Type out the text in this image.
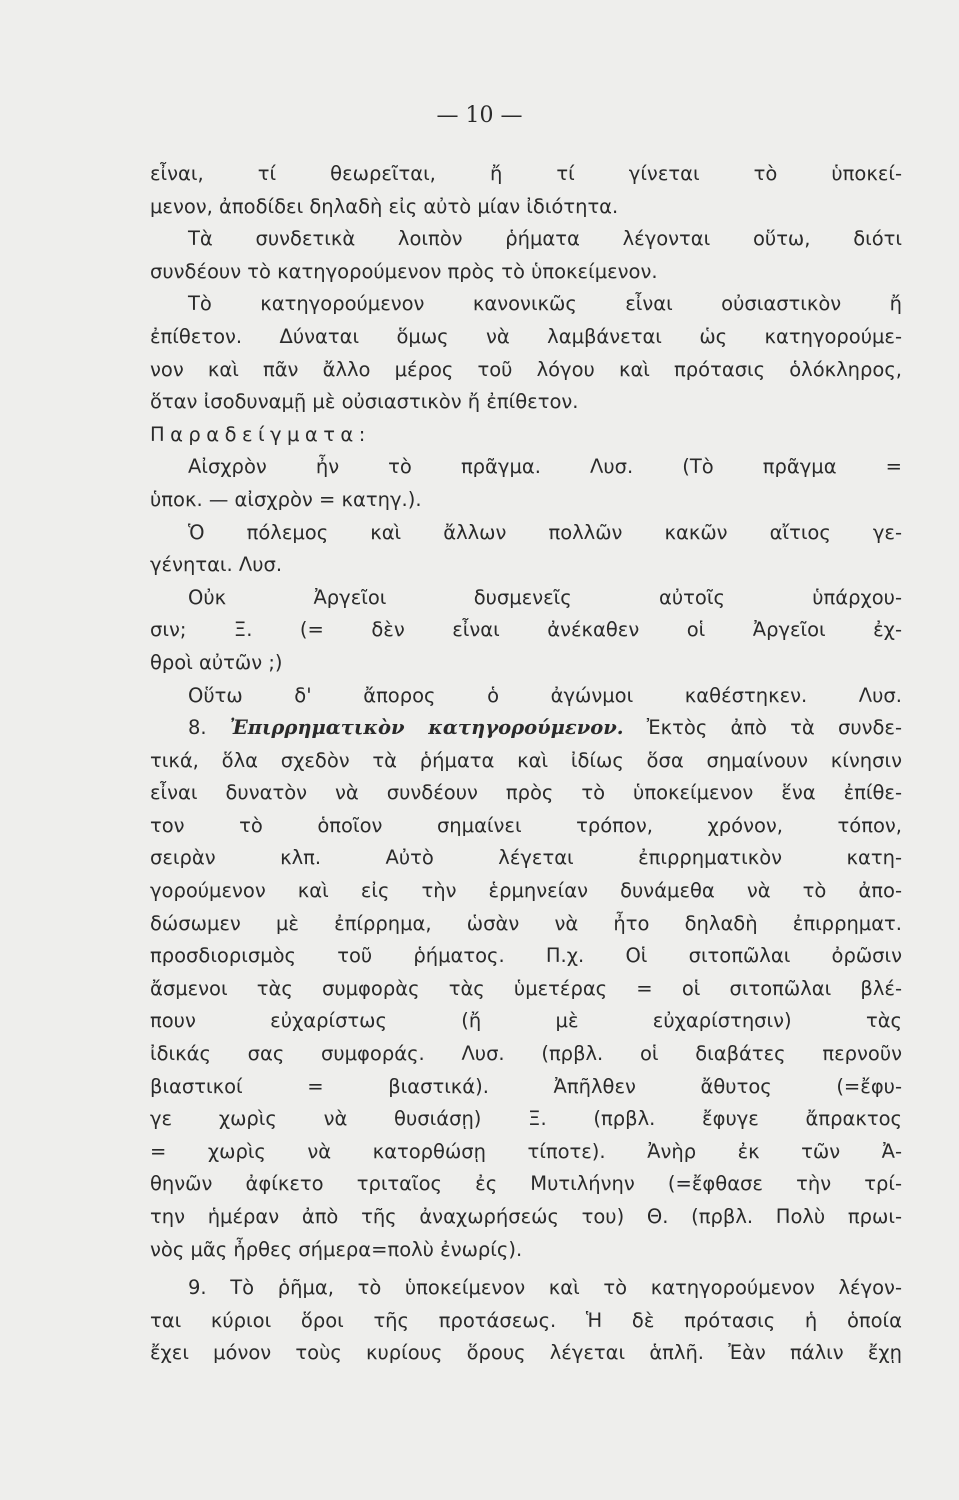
— 10 —
εἶναι, τί θεωρεῖται, ἤ τί γίνεται τὸ ὑποκεί-
μενον, ἀποδίδει δηλαδὴ εἰς αὐτὸ μίαν ἰδιότητα.
Τὰ συνδετικὰ λοιπὸν ῥήματα λέγονται οὕτω, διότι
συνδέουν τὸ κατηγορούμενον πρὸς τὸ ὑποκείμενον.
Τὸ κατηγορούμενον κανονικῶς εἶναι οὐσιαστικὸν ἤ
ἐπίθετον. Δύναται ὅμως νὰ λαμβάνεται ὡς κατηγορούμε-
νον καὶ πᾶν ἄλλο μέρος τοῦ λόγου καὶ πρότασις ὁλόκληρος,
ὅταν ἰσοδυναμῇ μὲ οὐσιαστικὸν ἤ ἐπίθετον.
Παραδείγματα:
Αἰσχρὸν ἦν τὸ πρᾶγμα. Λυσ. (Τὸ πρᾶγμα =
ὑποκ. — αἰσχρὸν = κατηγ.).
Ὁ πόλεμος καὶ ἄλλων πολλῶν κακῶν αἴτιος γε-
γένηται. Λυσ.
Οὐκ Ἀργεῖοι δυσμενεῖς αὐτοῖς ὑπάρχου-
σιν; Ξ. (= δὲν εἶναι ἀνέκαθεν οἱ Ἀργεῖοι ἐχ-
θροὶ αὐτῶν ;)
Οὕτω δ' ἄπορος ὁ ἀγώνμοι καθέστηκεν. Λυσ.
8. Ἐπιρρηματικὸν κατηγορούμενον. Ἐκτὸς ἀπὸ τὰ συνδε-
τικά, ὅλα σχεδὸν τὰ ῥήματα καὶ ἰδίως ὅσα σημαίνουν κίνησιν
εἶναι δυνατὸν νὰ συνδέουν πρὸς τὸ ὑποκείμενον ἕνα ἐπίθε-
τον τὸ ὁποῖον σημαίνει τρόπον, χρόνον, τόπον,
σειρὰν κλπ. Αὐτὸ λέγεται ἐπιρρηματικὸν κατη-
γορούμενον καὶ εἰς τὴν ἑρμηνείαν δυνάμεθα νὰ τὸ ἀπο-
δώσωμεν μὲ ἐπίρρημα, ὡσὰν νὰ ἦτο δηλαδὴ ἐπιρρηματ.
προσδιορισμὸς τοῦ ῥήματος. Π.χ. Οἱ σιτοπῶλαι ὀρῶσιν
ἄσμενοι τὰς συμφορὰς τὰς ὑμετέρας = οἱ σιτοπῶλαι βλέ-
πουν εὐχαρίστως (ἤ μὲ εὐχαρίστησιν) τὰς
ἰδικάς σας συμφοράς. Λυσ. (πρβλ. οἱ διαβάτες περνοῦν
βιαστικοί = βιαστικά). Ἀπῆλθεν ἄθυτος (=ἔφυ-
γε χωρὶς νὰ θυσιάσῃ) Ξ. (πρβλ. ἔφυγε ἄπρακτος
= χωρὶς νὰ κατορθώσῃ τίποτε). Ἀνὴρ ἐκ τῶν Ἀ-
θηνῶν ἀφίκετο τριταῖος ἐς Μυτιλήνην (=ἔφθασε τὴν τρί-
την ἡμέραν ἀπὸ τῆς ἀναχωρήσεώς του) Θ. (πρβλ. Πολὺ πρωι-
νὸς μᾶς ἦρθες σήμερα=πολὺ ἐνωρίς).
9. Τὸ ῥῆμα, τὸ ὑποκείμενον καὶ τὸ κατηγορούμενον λέγον-
ται κύριοι ὅροι τῆς προτάσεως. Ἡ δὲ πρότασις ἡ ὁποία
ἔχει μόνον τοὺς κυρίους ὅρους λέγεται ἁπλῆ. Ἐὰν πάλιν ἔχῃ
